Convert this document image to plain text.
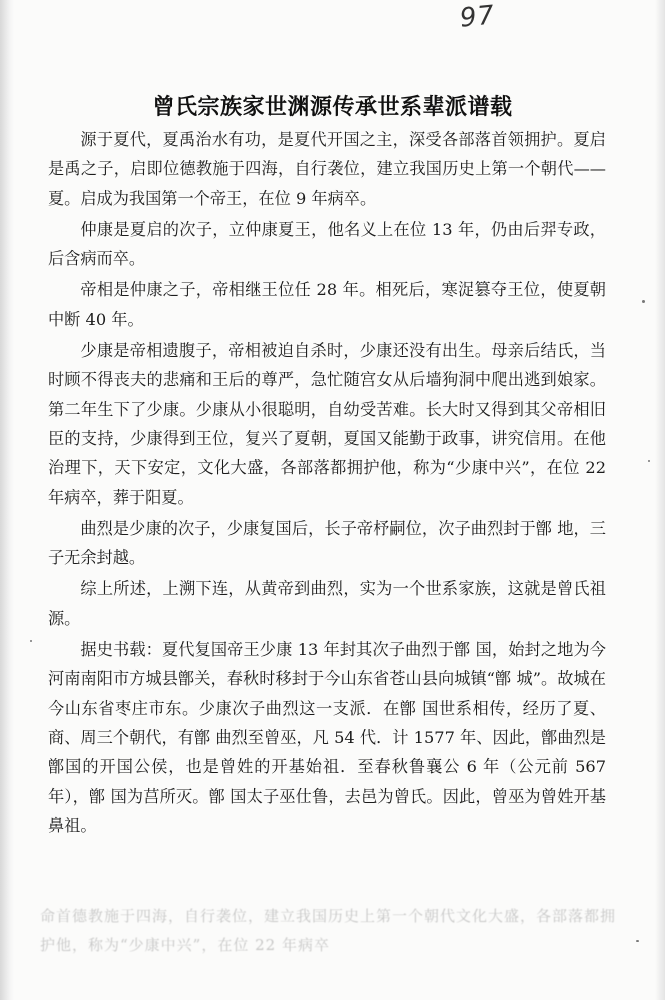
97
曾氏宗族家世渊源传承世系辈派谱载

源于夏代，夏禹治水有功，是夏代开国之主，深受各部落首领拥护。夏启是禹之子，启即位德教施于四海，自行袭位，建立我国历史上第一个朝代——夏。启成为我国第一个帝王，在位 9 年病卒。

仲康是夏启的次子，立仲康夏王，他名义上在位 13 年，仍由后羿专政，后含病而卒。

帝相是仲康之子，帝相继王位任 28 年。相死后，寒浞篡夺王位，使夏朝中断 40 年。

少康是帝相遗腹子，帝相被迫自杀时，少康还没有出生。母亲后结氏，当时顾不得丧夫的悲痛和王后的尊严，急忙随宫女从后墙狗洞中爬出逃到娘家。第二年生下了少康。少康从小很聪明，自幼受苦难。长大时又得到其父帝相旧臣的支持，少康得到王位，复兴了夏朝，夏国又能勤于政事，讲究信用。在他治理下，天下安定，文化大盛，各部落都拥护他，称为“少康中兴”，在位 22 年病卒，葬于阳夏。

曲烈是少康的次子，少康复国后，长子帝杼嗣位，次子曲烈封于鄫 地，三子无余封越。

综上所述，上溯下连，从黄帝到曲烈，实为一个世系家族，这就是曾氏祖源。

据史书载：夏代复国帝王少康 13 年封其次子曲烈于鄫 国，始封之地为今河南南阳市方城县鄫关，春秋时移封于今山东省苍山县向城镇“鄫 城”。故城在今山东省枣庄市东。少康次子曲烈这一支派．在鄫 国世系相传，经历了夏、商、周三个朝代，有鄫 曲烈至曾巫，凡 54 代．计 1577 年、因此，鄫曲烈是鄫国的开国公侯，也是曾姓的开基始祖．至春秋鲁襄公 6 年（公元前 567 年），鄫 国为莒所灭。鄫 国太子巫仕鲁，去邑为曾氏。因此，曾巫为曾姓开基鼻祖。

命首德教施于四海，自行袭位，建立我国历史上第一个朝代文化大盛，各部落都拥护他，称为“少康中兴”，在位 22 年病卒
